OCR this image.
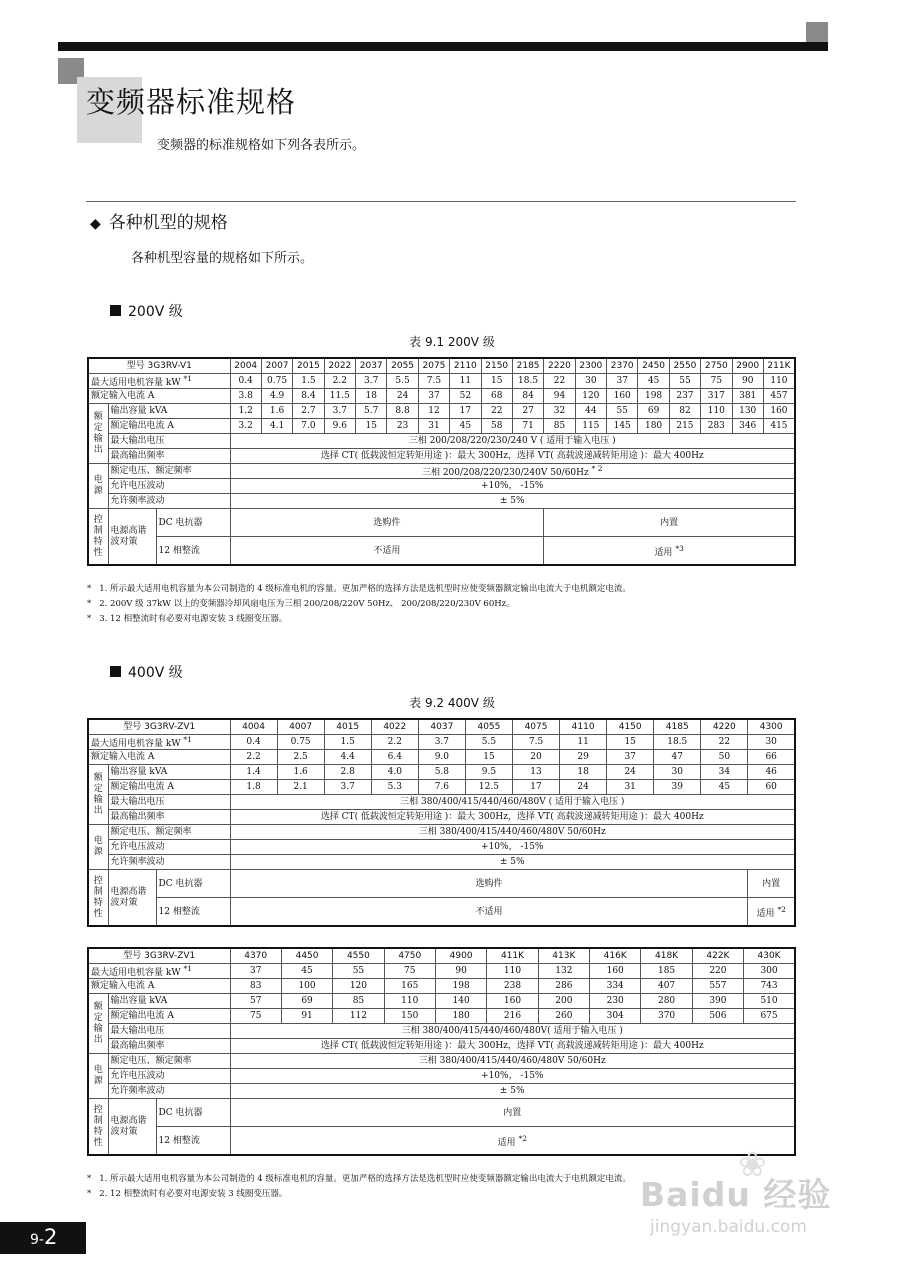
变频器标准规格
变频器的标准规格如下列各表所示。
◆ 各种机型的规格
各种机型容量的规格如下所示。
200V 级
表 9.1 200V 级
型号 3G3RV-V1			2004	2007	2015	2022	2037	2055	2075	2110	2150	2185	2220	2300	2370	2450	2550	2750	2900	211K
最大适用电机容量 kW $^{*1}$			0.4	0.75	1.5	2.2	3.7	5.5	7.5	11	15	18.5	22	30	37	45	55	75	90	110
额定输入电流 A			3.8	4.9	8.4	11.5	18	24	37	52	68	84	94	120	160	198	237	317	381	457
额定输出	输出容量 kVA		1.2	1.6	2.7	3.7	5.7	8.8	12	17	22	27	32	44	55	69	82	110	130	160
	额定输出电流 A		3.2	4.1	7.0	9.6	15	23	31	45	58	71	85	115	145	180	215	283	346	415
	最大输出电压		三相 200/208/220/230/240 V ( 适用于输入电压 )																	
	最高输出频率		选择 CT( 低载波恒定转矩用途 )：最大 300Hz，选择 VT( 高载波递减转矩用途 )：最大 400Hz																	
电源	额定电压、额定频率		三相 200/208/220/230/240V 50/60Hz $^{* 2}$
	允许电压波动		+10%， -15%																	
	允许频率波动		± 5%																	
控制特性	电源高谐波对策	DC 电抗器	选购件										内置							
		12 相整流	不适用										适用 $^{*3}$
* 1. 所示最大适用电机容量为本公司制造的 4 级标准电机的容量。更加严格的选择方法是选机型时应使变频器额定输出电流大于电机额定电流。
* 2. 200V 级 37kW 以上的变频器冷却风扇电压为三相 200/208/220V 50Hz、 200/208/220/230V 60Hz。
* 3. 12 相整流时有必要对电源安装 3 线圈变压器。
400V 级
表 9.2 400V 级
型号 3G3RV-ZV1			4004	4007	4015	4022	4037	4055	4075	4110	4150	4185	4220	4300
最大适用电机容量 kW $^{*1}$			0.4	0.75	1.5	2.2	3.7	5.5	7.5	11	15	18.5	22	30
额定输入电流 A			2.2	2.5	4.4	6.4	9.0	15	20	29	37	47	50	66
额定输出	输出容量 kVA		1.4	1.6	2.8	4.0	5.8	9.5	13	18	24	30	34	46
	额定输出电流 A		1.8	2.1	3.7	5.3	7.6	12.5	17	24	31	39	45	60
	最大输出电压		三相 380/400/415/440/460/480V ( 适用于输入电压 )											
	最高输出频率		选择 CT( 低载波恒定转矩用途 )：最大 300Hz，选择 VT( 高载波递减转矩用途 )：最大 400Hz											
电源	额定电压、额定频率		三相 380/400/415/440/460/480V 50/60Hz											
	允许电压波动		+10%， -15%											
	允许频率波动		± 5%											
控制特性	电源高谐波对策	DC 电抗器	选购件											内置
		12 相整流	不适用											适用 $^{*2}$
型号 3G3RV-ZV1			4370	4450	4550	4750	4900	411K	413K	416K	418K	422K	430K
最大适用电机容量 kW $^{*1}$			37	45	55	75	90	110	132	160	185	220	300
额定输入电流 A			83	100	120	165	198	238	286	334	407	557	743
额定输出	输出容量 kVA		57	69	85	110	140	160	200	230	280	390	510
	额定输出电流 A		75	91	112	150	180	216	260	304	370	506	675
	最大输出电压		三相 380/400/415/440/460/480V( 适用于输入电压 )										
	最高输出频率		选择 CT( 低载波恒定转矩用途 )：最大 300Hz，选择 VT( 高载波递减转矩用途 )：最大 400Hz										
电源	额定电压、额定频率		三相 380/400/415/440/460/480V 50/60Hz										
	允许电压波动		+10%， -15%										
	允许频率波动		± 5%										
控制特性	电源高谐波对策	DC 电抗器	内置										
		12 相整流	适用 $^{*2}$
* 1. 所示最大适用电机容量为本公司制造的 4 级标准电机的容量。更加严格的选择方法是选机型时应使变频器额定输出电流大于电机额定电流。
* 2. 12 相整流时有必要对电源安装 3 线圈变压器。
9-2
❀
Baidu 经验
jingyan.baidu.com
